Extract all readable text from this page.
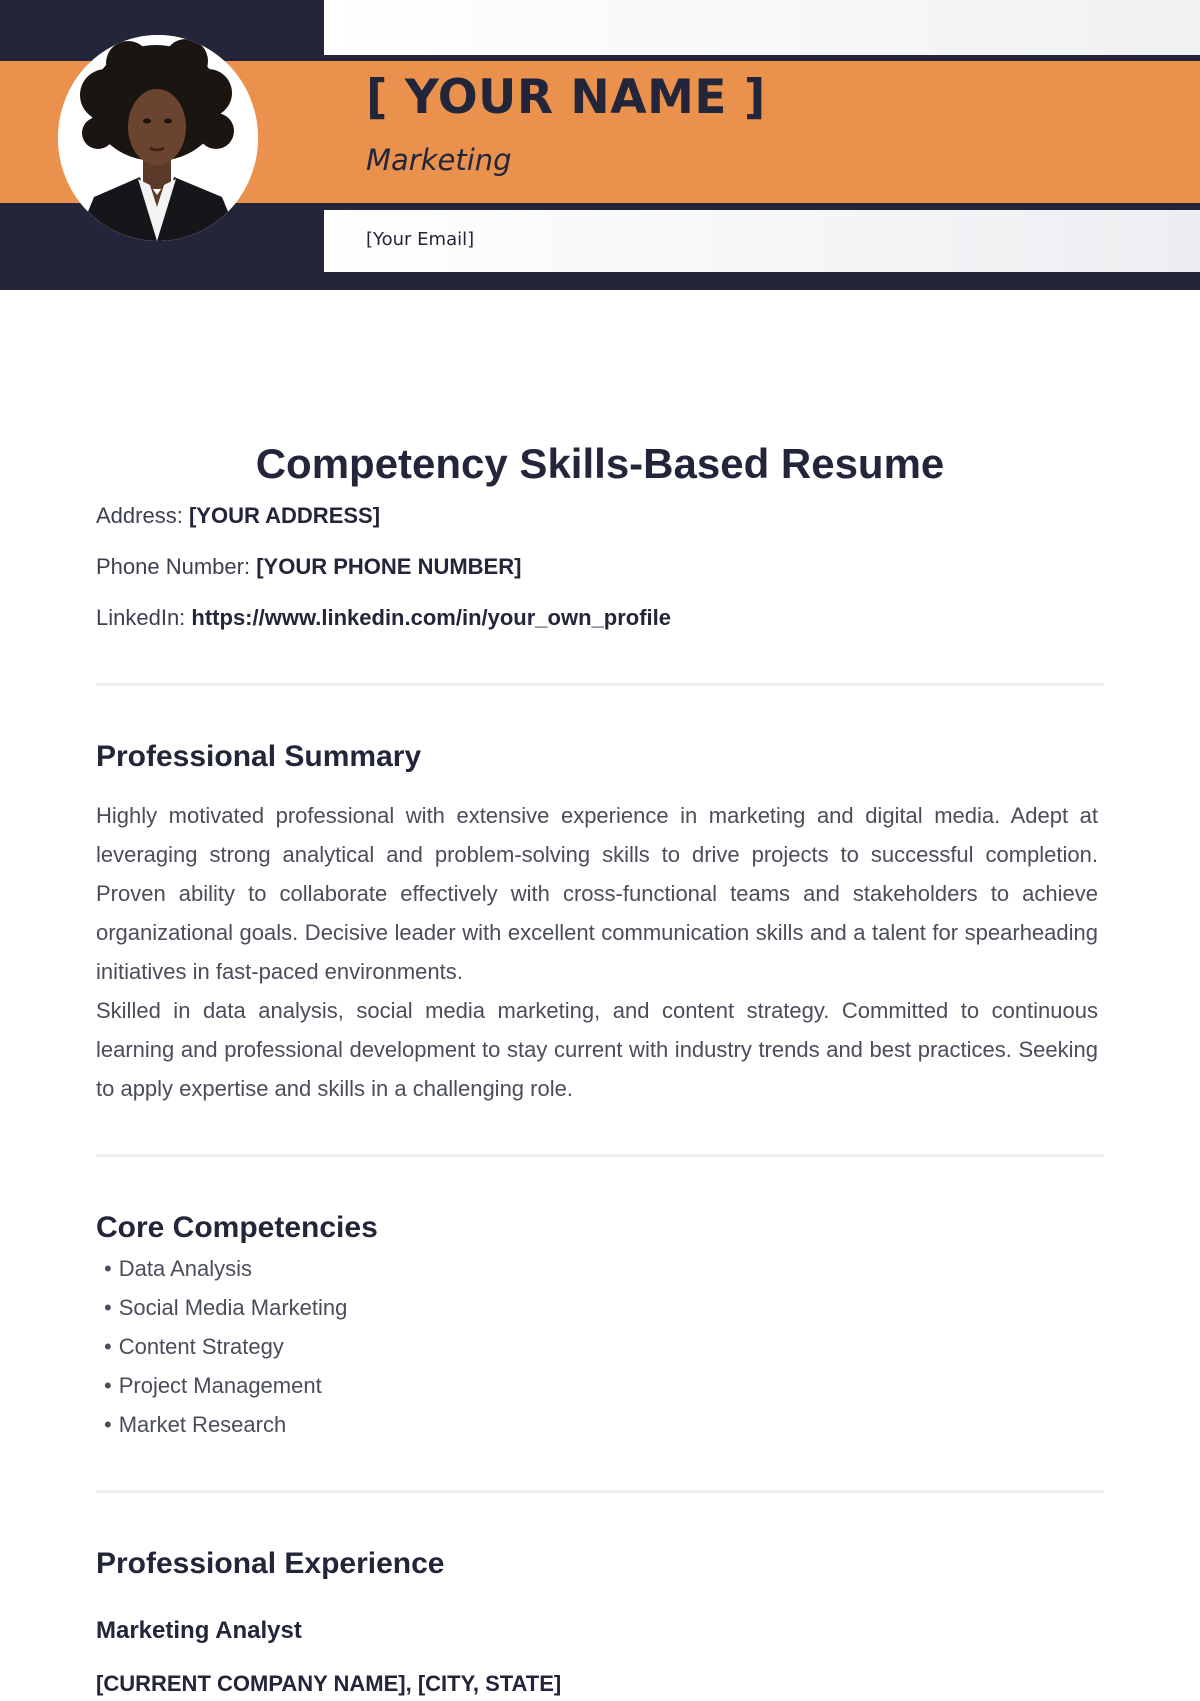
[ YOUR NAME ]
Marketing
[Your Email]
Competency Skills-Based Resume
Address: [YOUR ADDRESS]
Phone Number: [YOUR PHONE NUMBER]
LinkedIn: https://www.linkedin.com/in/your_own_profile
Professional Summary

Highly motivated professional with extensive experience in marketing and digital media. Adept at leveraging strong analytical and problem-solving skills to drive projects to successful completion. Proven ability to collaborate effectively with cross-functional teams and stakeholders to achieve organizational goals. Decisive leader with excellent communication skills and a talent for spearheading initiatives in fast-paced environments.

Skilled in data analysis, social media marketing, and content strategy. Committed to continuous learning and professional development to stay current with industry trends and best practices. Seeking to apply expertise and skills in a challenging role.

Core Competencies
• Data Analysis
• Social Media Marketing
• Content Strategy
• Project Management
• Market Research
Professional Experience
Marketing Analyst
[CURRENT COMPANY NAME], [CITY, STATE]
